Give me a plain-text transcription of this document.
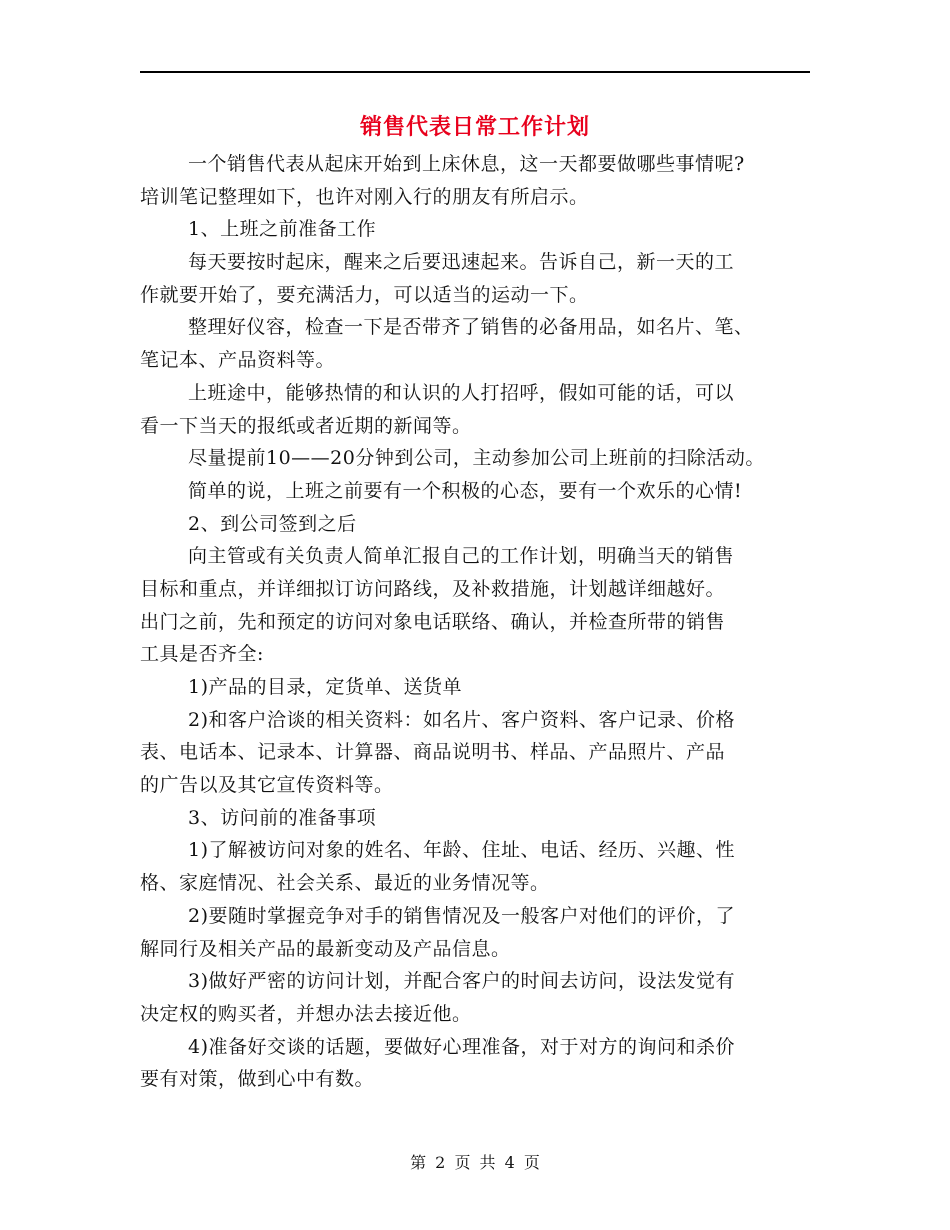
销售代表日常工作计划
一个销售代表从起床开始到上床休息，这一天都要做哪些事情呢?
培训笔记整理如下，也许对刚入行的朋友有所启示。
1、上班之前准备工作
每天要按时起床，醒来之后要迅速起来。告诉自己，新一天的工
作就要开始了，要充满活力，可以适当的运动一下。
整理好仪容，检查一下是否带齐了销售的必备用品，如名片、笔、
笔记本、产品资料等。
上班途中，能够热情的和认识的人打招呼，假如可能的话，可以
看一下当天的报纸或者近期的新闻等。
尽量提前10——20分钟到公司，主动参加公司上班前的扫除活动。
简单的说，上班之前要有一个积极的心态，要有一个欢乐的心情!
2、到公司签到之后
向主管或有关负责人简单汇报自己的工作计划，明确当天的销售
目标和重点，并详细拟订访问路线，及补救措施，计划越详细越好。
出门之前，先和预定的访问对象电话联络、确认，并检查所带的销售
工具是否齐全:
1)产品的目录，定货单、送货单
2)和客户洽谈的相关资料：如名片、客户资料、客户记录、价格
表、电话本、记录本、计算器、商品说明书、样品、产品照片、产品
的广告以及其它宣传资料等。
3、访问前的准备事项
1)了解被访问对象的姓名、年龄、住址、电话、经历、兴趣、性
格、家庭情况、社会关系、最近的业务情况等。
2)要随时掌握竞争对手的销售情况及一般客户对他们的评价，了
解同行及相关产品的最新变动及产品信息。
3)做好严密的访问计划，并配合客户的时间去访问，设法发觉有
决定权的购买者，并想办法去接近他。
4)准备好交谈的话题，要做好心理准备，对于对方的询问和杀价
要有对策，做到心中有数。
第 2 页 共 4 页
